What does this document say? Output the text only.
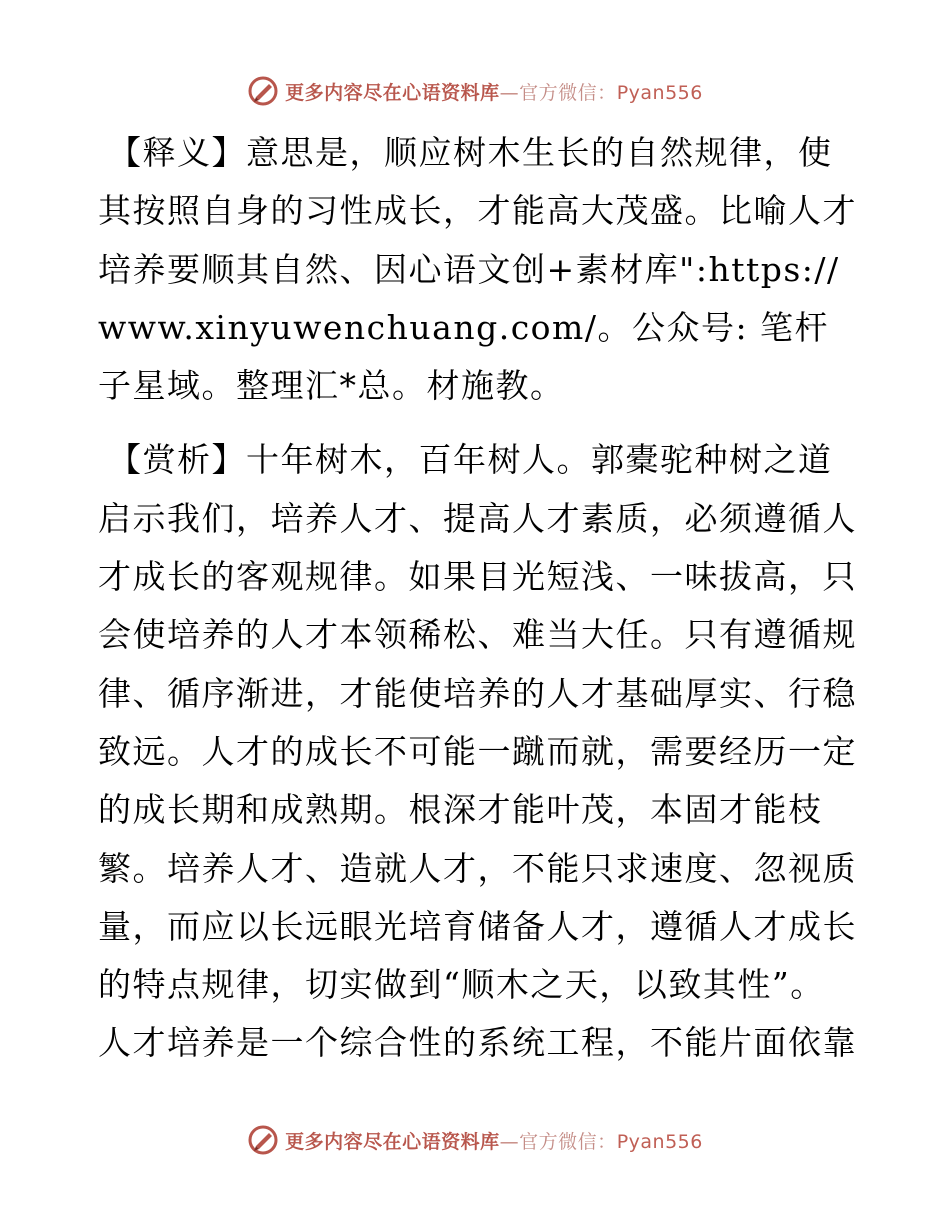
更多内容尽在心语资料库—官方微信：Pyan556

【释义】意思是，顺应树木生长的自然规律，使其按照自身的习性成长，才能高大茂盛。比喻人才培养要顺其自然、因心语文创+素材库":https://www.xinyuwenchuang.com/。公众号: 笔杆子星域。整理汇*总。材施教。

【赏析】十年树木，百年树人。郭橐驼种树之道启示我们，培养人才、提高人才素质，必须遵循人才成长的客观规律。如果目光短浅、一味拔高，只会使培养的人才本领稀松、难当大任。只有遵循规律、循序渐进，才能使培养的人才基础厚实、行稳致远。人才的成长不可能一蹴而就，需要经历一定的成长期和成熟期。根深才能叶茂，本固才能枝繁。培养人才、造就人才，不能只求速度、忽视质量，而应以长远眼光培育储备人才，遵循人才成长的特点规律，切实做到“顺木之天，以致其性”。人才培养是一个综合性的系统工程，不能片面依靠

更多内容尽在心语资料库—官方微信：Pyan556
